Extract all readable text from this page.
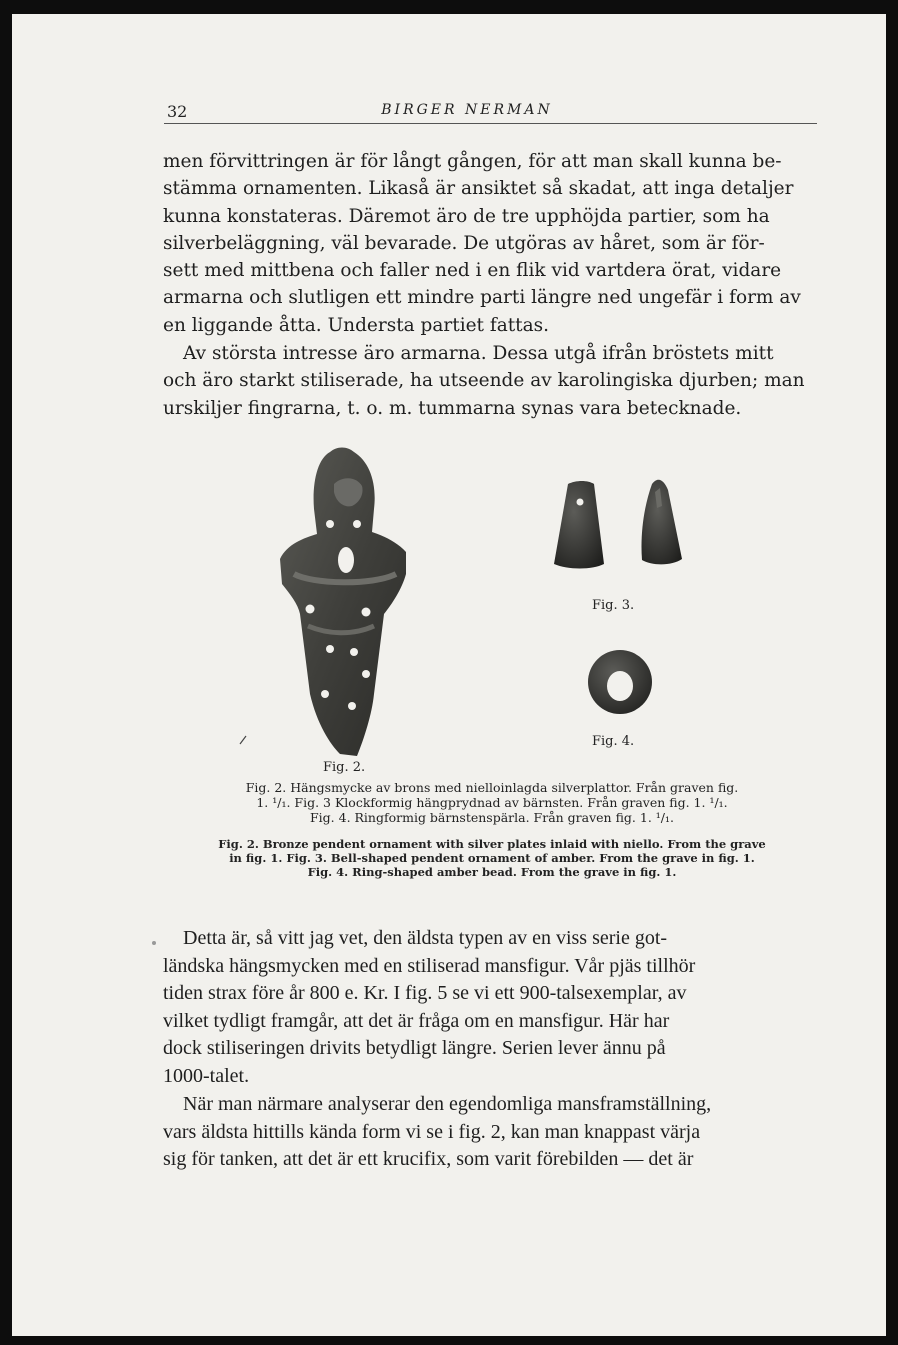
32	BIRGER NERMAN

men förvittringen är för långt gången, för att man skall kunna be-
stämma ornamenten. Likaså är ansiktet så skadat, att inga detaljer
kunna konstateras. Däremot äro de tre upphöjda partier, som ha
silverbeläggning, väl bevarade. De utgöras av håret, som är för-
sett med mittbena och faller ned i en flik vid vartdera örat, vidare
armarna och slutligen ett mindre parti längre ned ungefär i form av
en liggande åtta. Understa partiet fattas.

Av största intresse äro armarna. Dessa utgå ifrån bröstets mitt
och äro starkt stiliserade, ha utseende av karolingiska djurben; man
urskiljer fingrarna, t. o. m. tummarna synas vara betecknade.

Fig. 2.
Fig. 3.
Fig. 4.

Fig. 2. Hängsmycke av brons med nielloinlagda silverplattor. Från graven fig.
1. ¹/₁. Fig. 3 Klockformig hängprydnad av bärnsten. Från graven fig. 1. ¹/₁.
Fig. 4. Ringformig bärnstenspärla. Från graven fig. 1. ¹/₁.

Fig. 2. Bronze pendent ornament with silver plates inlaid with niello. From the grave
in fig. 1. Fig. 3. Bell-shaped pendent ornament of amber. From the grave in fig. 1.
Fig. 4. Ring-shaped amber bead. From the grave in fig. 1.

Detta är, så vitt jag vet, den äldsta typen av en viss serie got-
ländska hängsmycken med en stiliserad mansfigur. Vår pjäs tillhör
tiden strax före år 800 e. Kr. I fig. 5 se vi ett 900-talsexemplar, av
vilket tydligt framgår, att det är fråga om en mansfigur. Här har
dock stiliseringen drivits betydligt längre. Serien lever ännu på
1000-talet.

När man närmare analyserar den egendomliga mansframställning,
vars äldsta hittills kända form vi se i fig. 2, kan man knappast värja
sig för tanken, att det är ett krucifix, som varit förebilden — det är
